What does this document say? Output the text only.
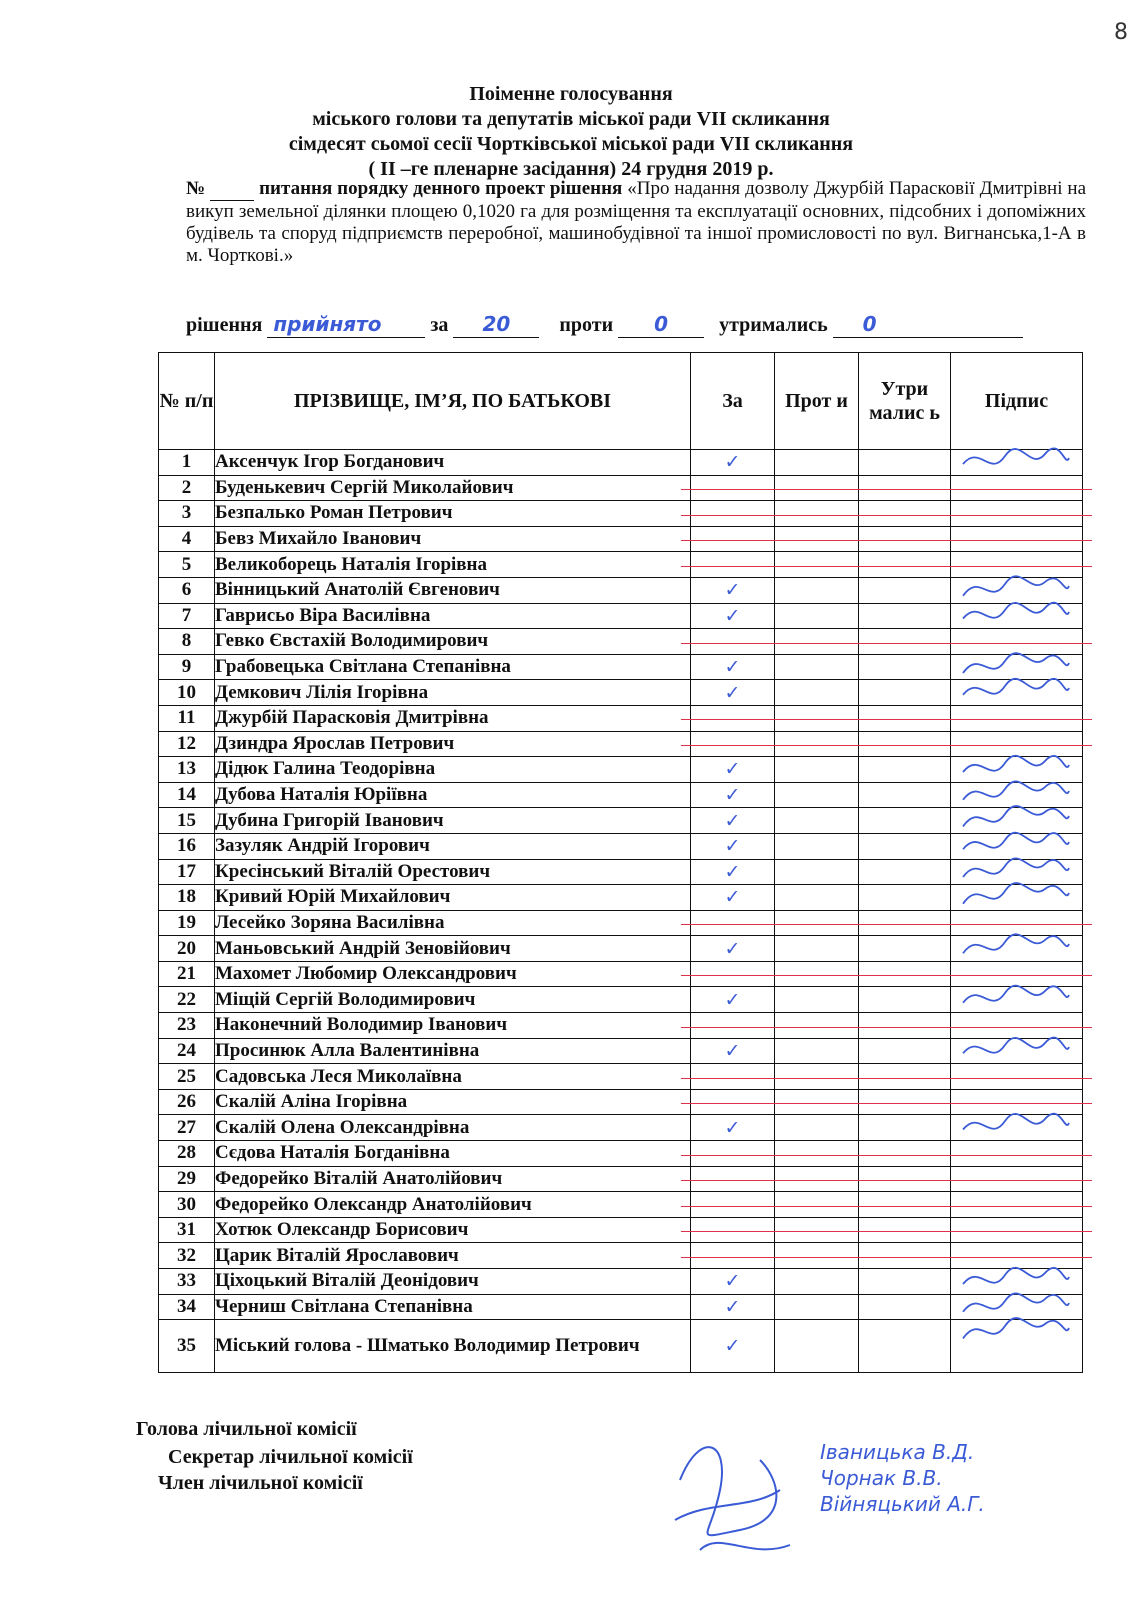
8
Поіменне голосування
міського голови та депутатів міської ради VII скликання
сімдесят сьомої сесії Чортківської міської ради VII скликання
( II –ге пленарне засідання) 24 грудня 2019 р.
№	питання порядку денного проект рішення «Про надання дозволу Джурбій Парасковії Дмитрівні на викуп земельної ділянки площею 0,1020 га для розміщення та експлуатації основних, підсобних і допоміжних будівель та споруд підприємств переробної, машинобудівної та іншої промисловості по вул. Вигнанська,1-А в м. Чорткові.»
рішення прийнято за 20 проти 0	утримались 0
№ п/п	ПРІЗВИЩЕ, ІМ’Я, ПО БАТЬКОВІ	За	Прот и	Утри малис ь	Підпис
1	Аксенчук Ігор Богданович	✓			

2	Буденькевич Сергій Миколайович				
3	Безпалько Роман Петрович				
4	Бевз Михайло Іванович				
5	Великоборець Наталія Ігорівна				
6	Вінницький Анатолій Євгенович	✓			

7	Гаврисьо Віра Василівна	✓			

8	Гевко Євстахій Володимирович				
9	Грабовецька Світлана Степанівна	✓			

10	Демкович Лілія Ігорівна	✓			

11	Джурбій Парасковія Дмитрівна				
12	Дзиндра Ярослав Петрович				
13	Дідюк Галина Теодорівна	✓			

14	Дубова Наталія Юріївна	✓			

15	Дубина Григорій Іванович	✓			

16	Зазуляк Андрій Ігорович	✓			

17	Кресінський Віталій Орестович	✓			

18	Кривий Юрій Михайлович	✓			

19	Лесейко Зоряна Василівна				
20	Маньовський Андрій Зеновійович	✓			

21	Махомет Любомир Олександрович				
22	Міщій Сергій Володимирович	✓			

23	Наконечний Володимир Іванович				
24	Просинюк Алла Валентинівна	✓			

25	Садовська Леся Миколаївна				
26	Скалій Аліна Ігорівна				
27	Скалій Олена Олександрівна	✓			

28	Сєдова Наталія Богданівна				
29	Федорейко Віталій Анатолійович				
30	Федорейко Олександр Анатолійович				
31	Хотюк Олександр Борисович				
32	Царик Віталій Ярославович				
33	Ціхоцький Віталій Деонідович	✓			

34	Черниш Світлана Степанівна	✓			

35	Міський голова - Шматько Володимир Петрович	✓			
Голова лічильної комісії
Секретар лічильної комісії
Член лічильної комісії
Іваницька В.Д.
Чорнак В.В.
Війняцький А.Г.
